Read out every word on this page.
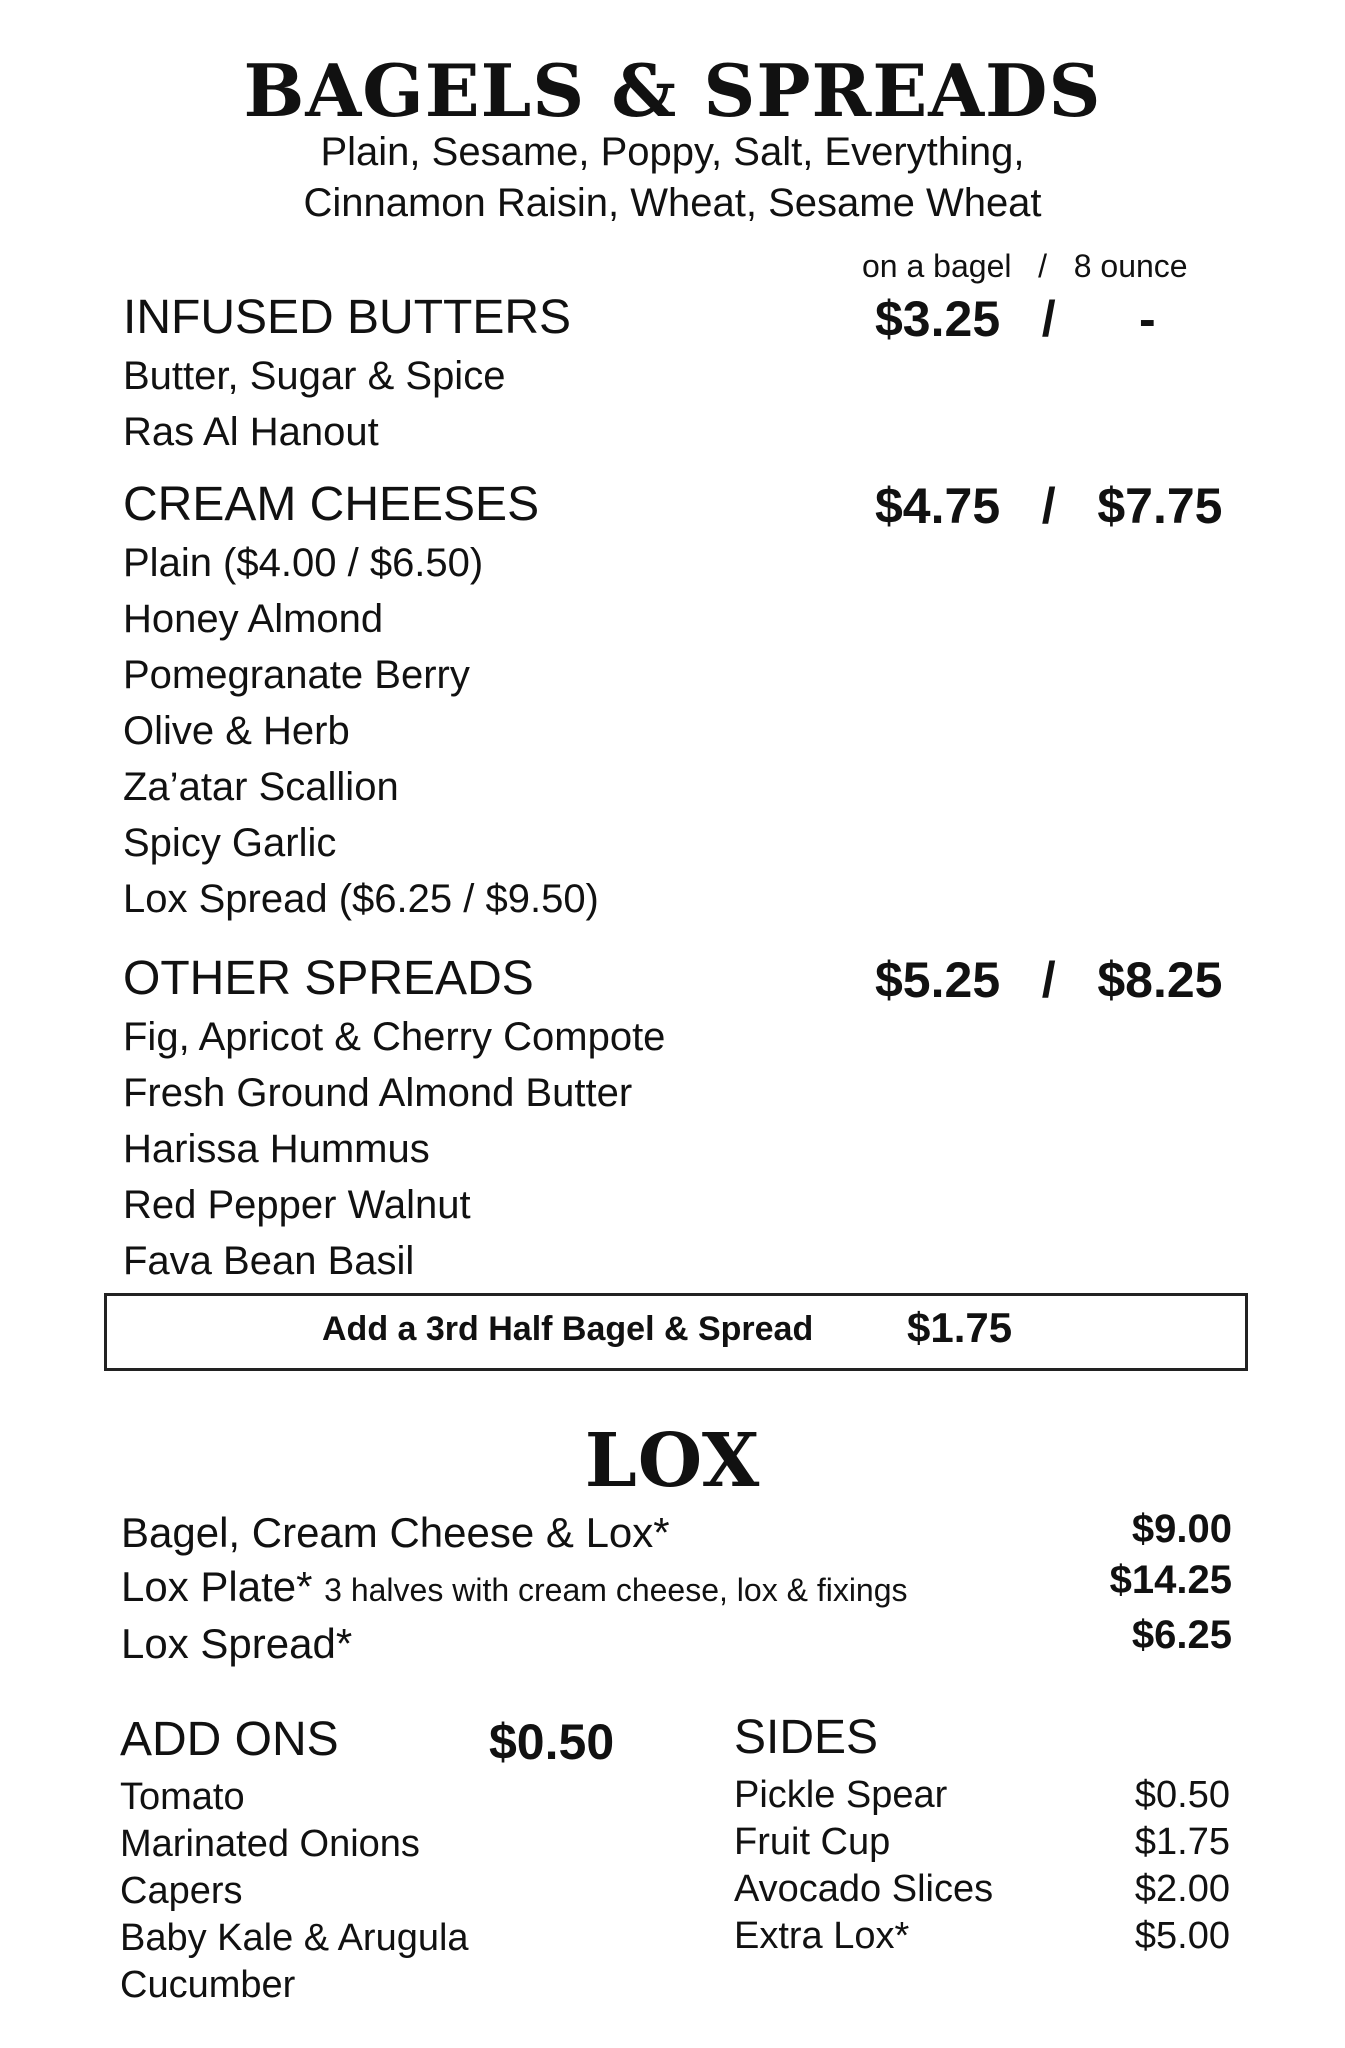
BAGELS & SPREADS
Plain, Sesame, Poppy, Salt, Everything,
Cinnamon Raisin, Wheat, Sesame Wheat
on a bagel   /   8 ounce
INFUSED BUTTERS	$3.25   /      -
Butter, Sugar & Spice
Ras Al Hanout
CREAM CHEESES	$4.75   /   $7.75
Plain ($4.00 / $6.50)
Honey Almond
Pomegranate Berry
Olive & Herb
Za’atar Scallion
Spicy Garlic
Lox Spread ($6.25 / $9.50)
OTHER SPREADS	$5.25   /   $8.25
Fig, Apricot & Cherry Compote
Fresh Ground Almond Butter
Harissa Hummus
Red Pepper Walnut
Fava Bean Basil
Add a 3rd Half Bagel & Spread $1.75
LOX
Bagel, Cream Cheese & Lox*	$9.00
Lox Plate* 3 halves with cream cheese, lox & fixings	$14.25
Lox Spread*	$6.25
ADD ONS	$0.50
Tomato
Marinated Onions
Capers
Baby Kale & Arugula
Cucumber
SIDES
Pickle Spear	$0.50
Fruit Cup	$1.75
Avocado Slices	$2.00
Extra Lox*	$5.00
